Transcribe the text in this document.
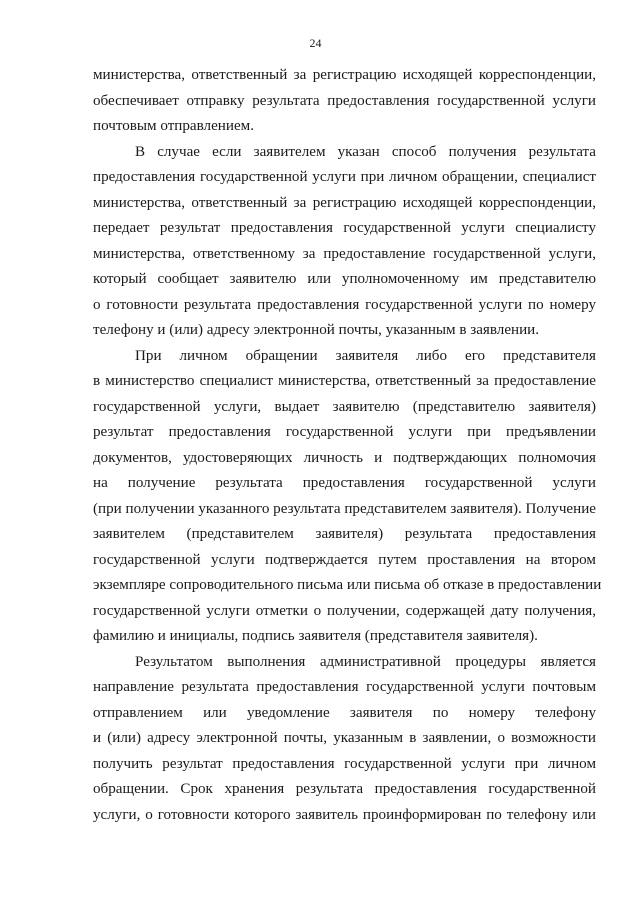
24
министерства, ответственный за регистрацию исходящей корреспонденции,
обеспечивает отправку результата предоставления государственной услуги
почтовым отправлением.
В случае если заявителем указан способ получения результата
предоставления государственной услуги при личном обращении, специалист
министерства, ответственный за регистрацию исходящей корреспонденции,
передает результат предоставления государственной услуги специалисту
министерства, ответственному за предоставление государственной услуги,
который сообщает заявителю или уполномоченному им представителю
о готовности результата предоставления государственной услуги по номеру
телефону и (или) адресу электронной почты, указанным в заявлении.
При личном обращении заявителя либо его представителя
в министерство специалист министерства, ответственный за предоставление
государственной услуги, выдает заявителю (представителю заявителя)
результат предоставления государственной услуги при предъявлении
документов, удостоверяющих личность и подтверждающих полномочия
на получение результата предоставления государственной услуги
(при получении указанного результата представителем заявителя). Получение
заявителем (представителем заявителя) результата предоставления
государственной услуги подтверждается путем проставления на втором
экземпляре сопроводительного письма или письма об отказе в предоставлении
государственной услуги отметки о получении, содержащей дату получения,
фамилию и инициалы, подпись заявителя (представителя заявителя).
Результатом выполнения административной процедуры является
направление результата предоставления государственной услуги почтовым
отправлением или уведомление заявителя по номеру телефону
и (или) адресу электронной почты, указанным в заявлении, о возможности
получить результат предоставления государственной услуги при личном
обращении. Срок хранения результата предоставления государственной
услуги, о готовности которого заявитель проинформирован по телефону или
